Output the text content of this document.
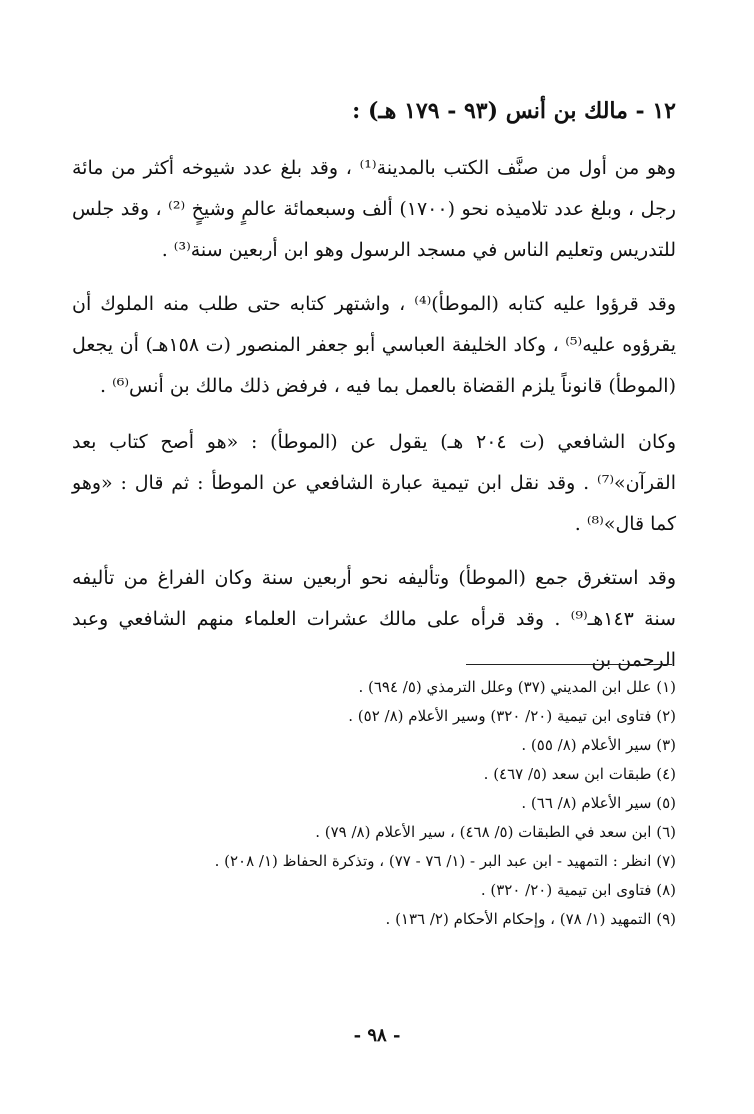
١٢ - مالك بن أنس (٩٣ - ١٧٩ هـ) :

وهو من أول من صنَّف الكتب بالمدينة⁽¹⁾ ، وقد بلغ عدد شيوخه أكثر من مائة رجل ، وبلغ عدد تلاميذه نحو (١٧٠٠) ألف وسبعمائة عالمٍ وشيخٍ ⁽²⁾ ، وقد جلس للتدريس وتعليم الناس في مسجد الرسول وهو ابن أربعين سنة⁽³⁾ .

وقد قرؤوا عليه كتابه (الموطأ)⁽⁴⁾ ، واشتهر كتابه حتى طلب منه الملوك أن يقرؤوه عليه⁽⁵⁾ ، وكاد الخليفة العباسي أبو جعفر المنصور (ت ١٥٨هـ) أن يجعل (الموطأ) قانوناً يلزم القضاة بالعمل بما فيه ، فرفض ذلك مالك بن أنس⁽⁶⁾ .

وكان الشافعي (ت ٢٠٤ هـ) يقول عن (الموطأ) : «هو أصح كتاب بعد القرآن»⁽⁷⁾ . وقد نقل ابن تيمية عبارة الشافعي عن الموطأ : ثم قال : «وهو كما قال»⁽⁸⁾ .

وقد استغرق جمع (الموطأ) وتأليفه نحو أربعين سنة وكان الفراغ من تأليفه سنة ١٤٣هـ⁽⁹⁾ . وقد قرأه على مالك عشرات العلماء منهم الشافعي وعبد الرحمن بن

(١) علل ابن المديني (٣٧) وعلل الترمذي (٥/ ٦٩٤) .
(٢) فتاوى ابن تيمية (٢٠/ ٣٢٠) وسير الأعلام (٨/ ٥٢) .
(٣) سير الأعلام (٨/ ٥٥) .
(٤) طبقات ابن سعد (٥/ ٤٦٧) .
(٥) سير الأعلام (٨/ ٦٦) .
(٦) ابن سعد في الطبقات (٥/ ٤٦٨) ، سير الأعلام (٨/ ٧٩) .
(٧) انظر : التمهيد - ابن عبد البر - (١/ ٧٦ - ٧٧) ، وتذكرة الحفاظ (١/ ٢٠٨) .
(٨) فتاوى ابن تيمية (٢٠/ ٣٢٠) .
(٩) التمهيد (١/ ٧٨) ، وإحكام الأحكام (٢/ ١٣٦) .
- ٩٨ -
